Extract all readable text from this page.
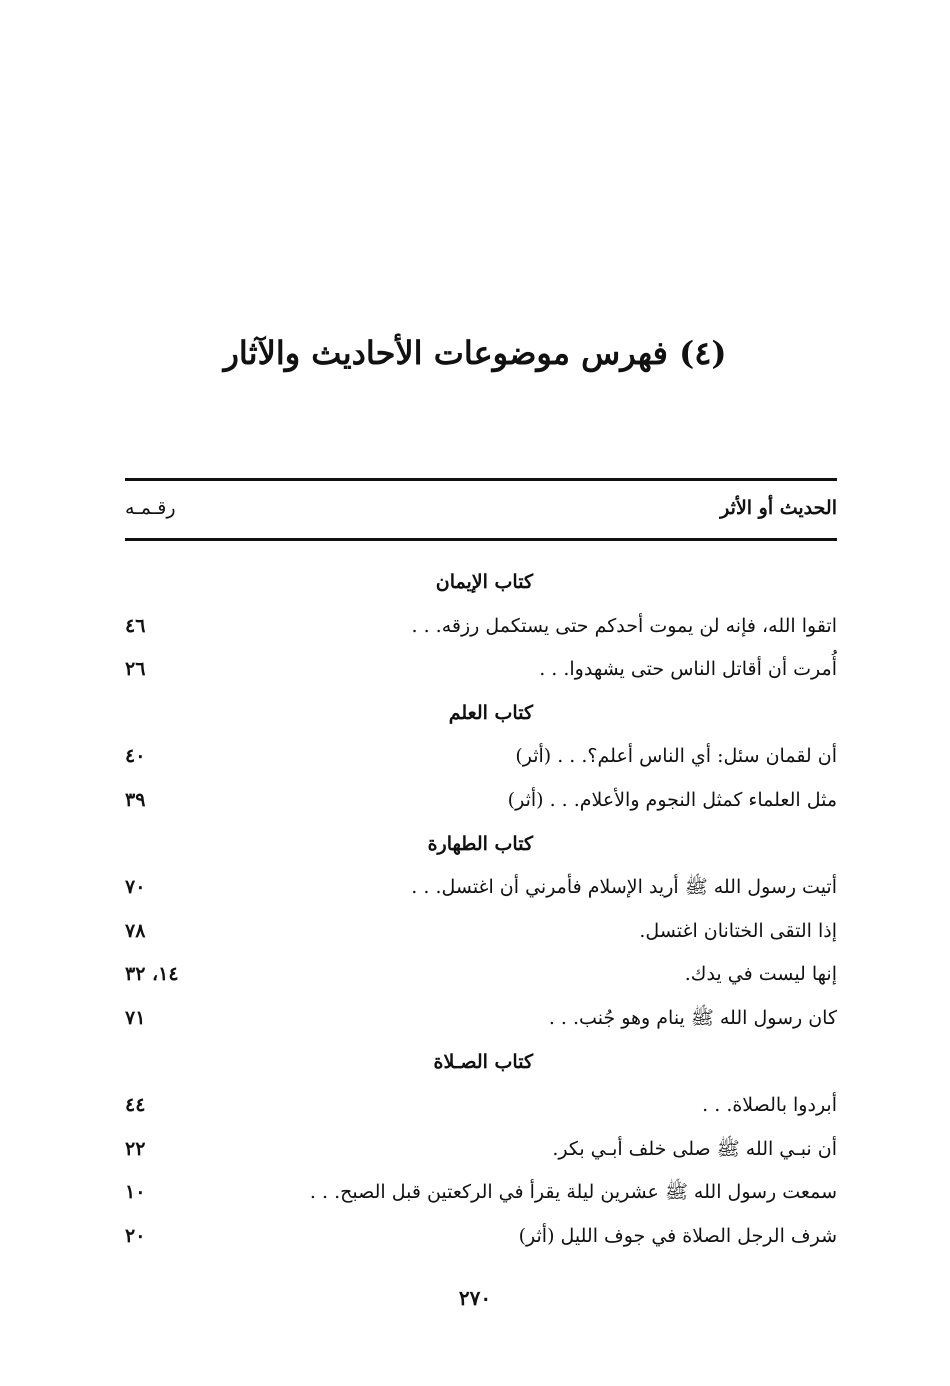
(٤) فهرس موضوعات الأحاديث والآثار
الحديث أو الأثر
رقـمـه
كتاب الإيمان
اتقوا الله، فإنه لن يموت أحدكم حتى يستكمل رزقه. . .
٤٦
أُمرت أن أقاتل الناس حتى يشهدوا. . .
٢٦
كتاب العلم
أن لقمان سئل: أي الناس أعلم؟. . . (أثر)
٤٠
مثل العلماء كمثل النجوم والأعلام. . . (أثر)
٣٩
كتاب الطهارة
أتيت رسول الله ﷺ أريد الإسلام فأمرني أن اغتسل. . .
٧٠
إذا التقى الختانان اغتسل.
٧٨
إنها ليست في يدك.
١٤، ٣٢
كان رسول الله ﷺ ينام وهو جُنب. . .
٧١
كتاب الصـلاة
أبردوا بالصلاة. . .
٤٤
أن نبـي الله ﷺ صلى خلف أبـي بكر.
٢٢
سمعت رسول الله ﷺ عشرين ليلة يقرأ في الركعتين قبل الصبح. . .
١٠
شرف الرجل الصلاة في جوف الليل (أثر)
٢٠
٢٧٠
